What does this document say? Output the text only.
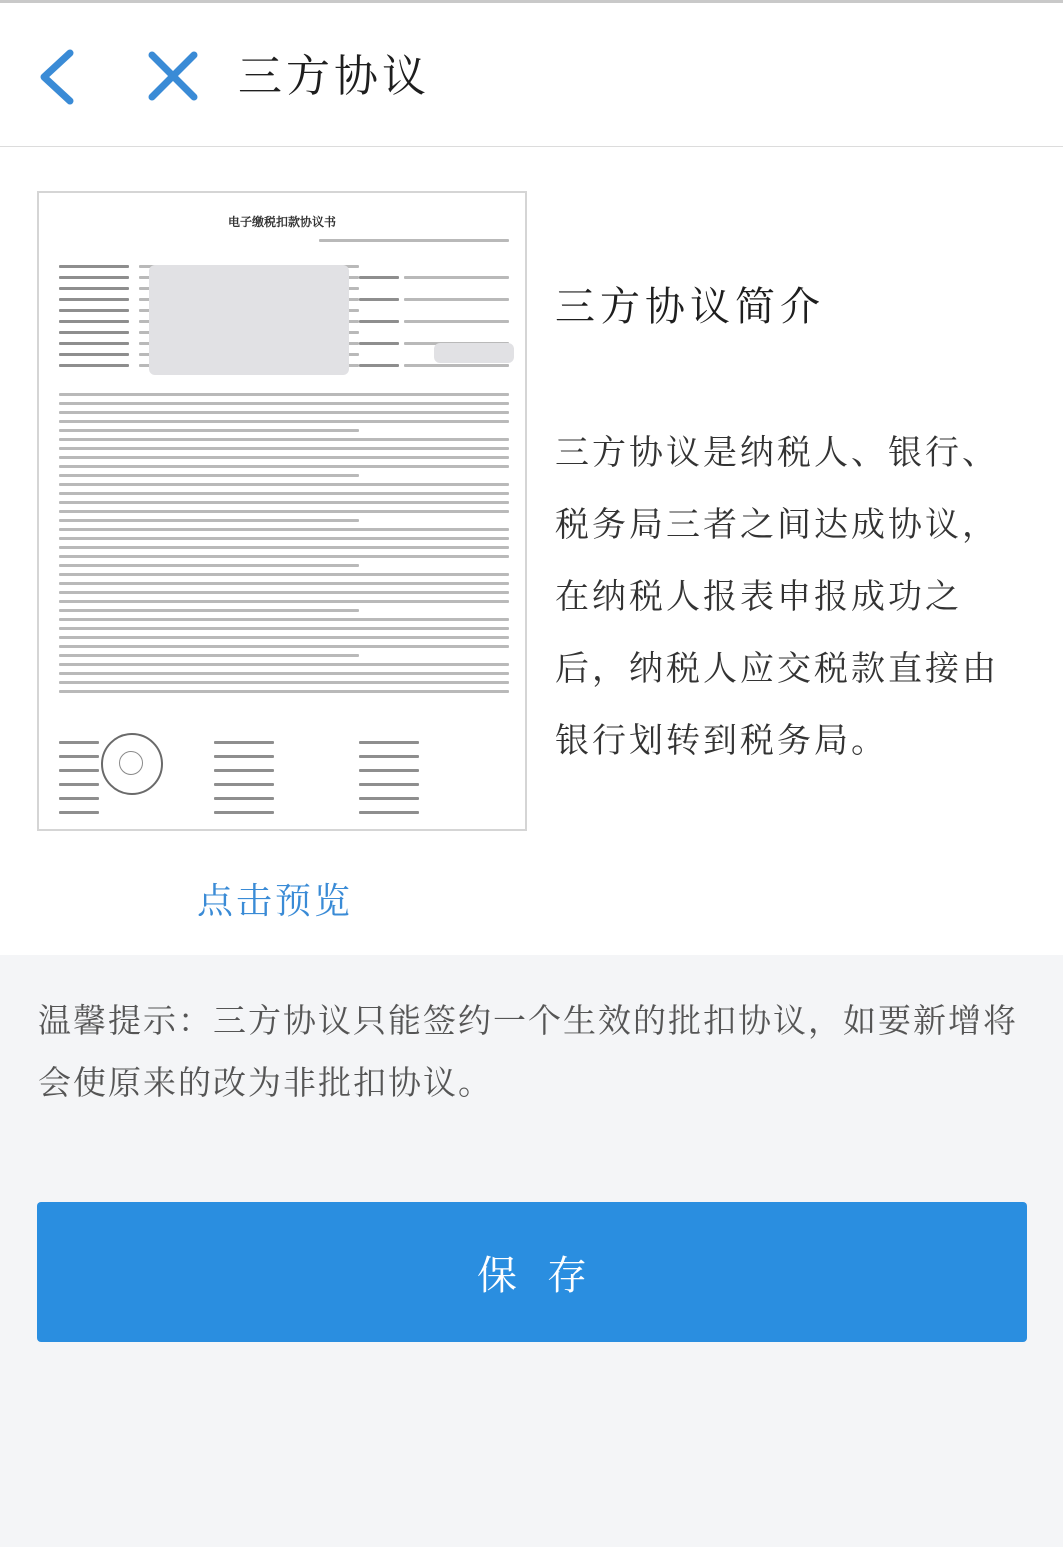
三方协议
电子缴税扣款协议书
点击预览
三方协议简介
三方协议是纳税人、银行、税务局三者之间达成协议，在纳税人报表申报成功之后，纳税人应交税款直接由银行划转到税务局。
温馨提示：三方协议只能签约一个生效的批扣协议，如要新增将会使原来的改为非批扣协议。
保存
